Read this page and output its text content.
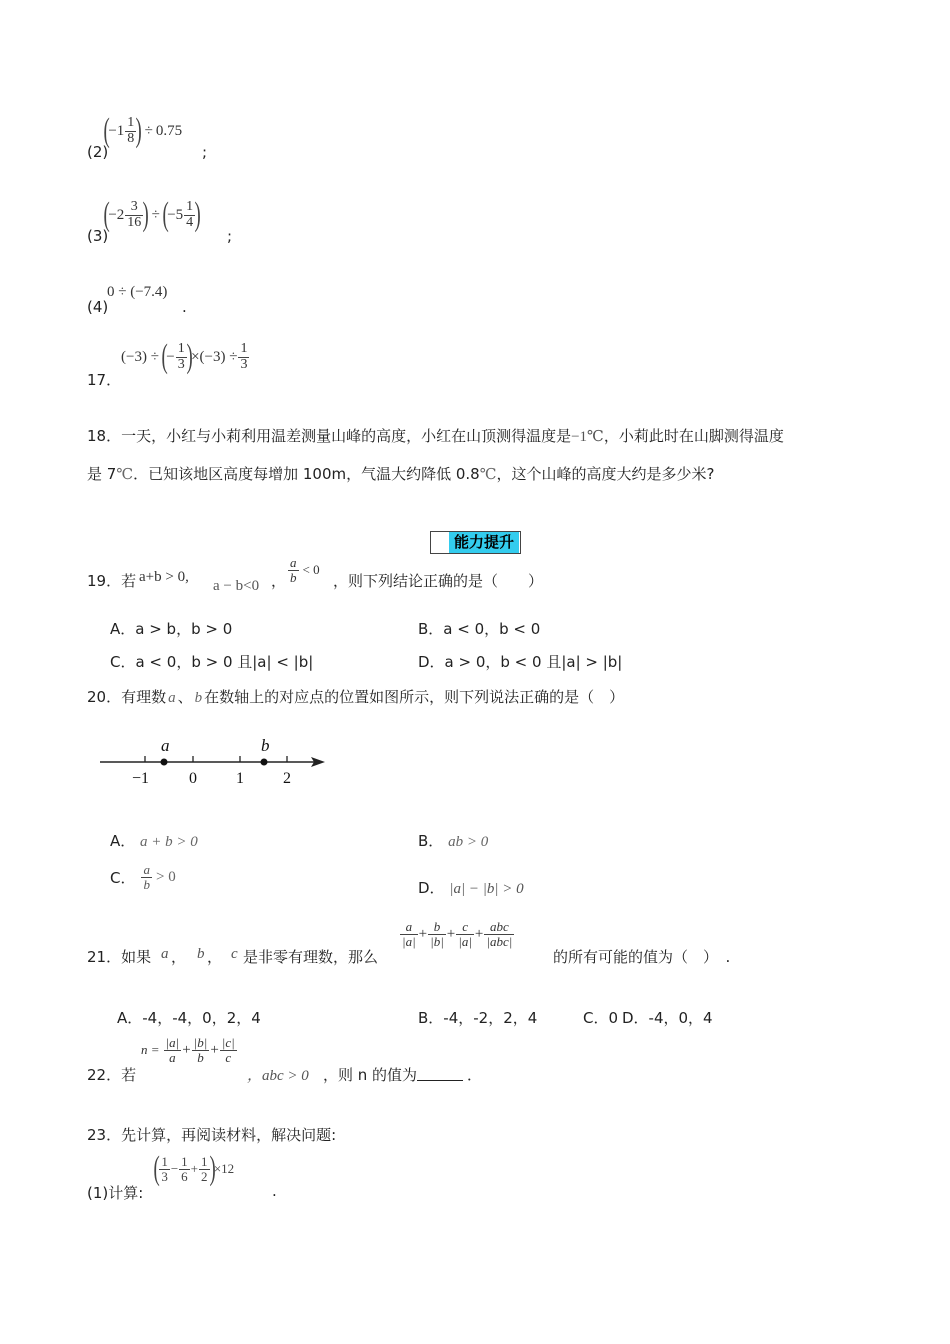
(2)
(
$-1 \frac{1}{8}$ ) ÷ 0.75
;
(3)
(
$-2 \frac{3}{16}$ ) ÷ (
$-5 \frac{1}{4}$ )
;
(4)
0 ÷ (−7.4)
.
17．
(−3) ÷ (
− $\frac{1}{3}$ )
$\times(-3) \div \frac{1}{3}$
18．一天，小红与小莉利用温差测量山峰的高度，小红在山顶测得温度是−1℃，小莉此时在山脚测得温度
是 7℃．已知该地区高度每增加 100m，气温大约降低 0.8℃，这个山峰的高度大约是多少米?
能力提升
19．若 a+b > 0,
a − b<0 ， $\frac{a}{b} < 0$
，则下列结论正确的是（　　）
A．a > b，b > 0	B．a < 0，b < 0
C．a < 0，b > 0 且|a| < |b|	D．a > 0，b < 0 且|a| > |b|
20．有理数 a 、 b 在数轴上的对应点的位置如图所示，则下列说法正确的是（　）
a	b
−1 0 1 2
A． a + b > 0	B． ab > 0
C． $\frac{a}{b} > 0$
D． |a| − |b| > 0
21．如果 a ， b ， c 是非零有理数，那么
$\frac{a}{|a|} + \frac{b}{|b|} + \frac{c}{|a|} + \frac{\text{abc}}{\text{|abc|}}$
的所有可能的值为（　）　.
A．-4，-4，0，2，4	B．-4，-2，2，4	C．0 D．-4，0，4
22．若
$n = \frac{|a|}{a} + \frac{|b|}{b} + \frac{|c|}{c}$
，abc > 0 ，则 n 的值为	．
23．先计算，再阅读材料，解决问题:
(1)计算:
( $\frac{1}{3} - \frac{1}{6} + \frac{1}{2}$ )
×12
.
